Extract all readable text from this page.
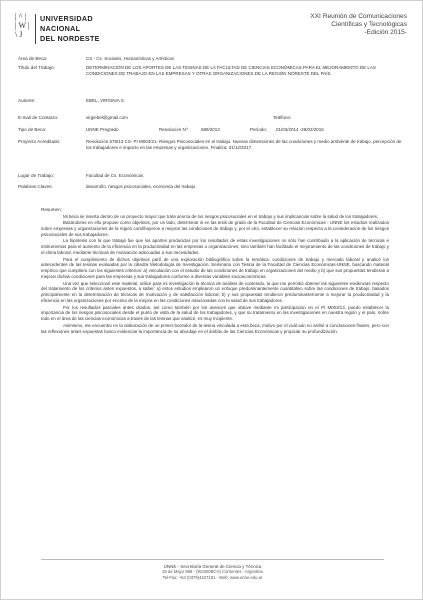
| ^ |
| W |
\ J
UNIVERSIDAD
NACIONAL
DEL NORDESTE
XXI Reunión de Comunicaciones
Científicas y Tecnológicas
-Edición 2015-
Área de Beca:	CS - Cs. Sociales, Humanísticas y Artísticas
Título del Trabajo:	DETERMINACIÓN DE LOS APORTES DE LAS TESINAS DE LA FACULTAD DE CIENCIAS ECONÓMICAS PARA EL MEJORAMIENTO DE LAS CONDICIONES DE TRABAJO EN LAS EMPRESAS Y OTRAS ORGANIZACIONES DE LA REGIÓN NORESTE DEL PAÍS.
Autores:	EBEL, VIRGINIA S.
E-mail de Contacto:	virgiebel@gmail.com	Teléfono:
Tipo de Beca:	UNNE Pregrado	Resolución Nº:	589/2013	Período: 01/03/2014 -28/02/2015
Proyecto Acreditado:	Resolución 678/13 CS- PI M003/21- Riesgos Psicosociales en el trabajo. Nuevas dimensiones de las condiciones y medio ambiente de trabajo, percepción de los trabajadores e impacto en las empresas y organizaciones. Finaliza: 31/12/2017.
Lugar de Trabajo:	Facultad de Cs. Económicas
Palabras Claves:	desarrollo, riesgos psicosociales, economía del trabajo
Resumen:

Mi beca se inserta dentro de un proyecto mayor que trata acerca de los riesgos psicosociales en el trabajo y sus implicancias sobre la salud de los trabajadores.

Basándome en ello propuse como objetivos, por un lado, determinar si en las tesis de grado de la Facultad de Ciencias Económicas - UNNE los estudios realizados sobre empresas y organizaciones de la región contribuyeron a mejorar las condiciones de trabajo y, por el otro, establecer su relación respecto a la consideración de los riesgos psicosociales de sus trabajadores.

La hipótesis con la que trabajé fue que los aportes producidos por los resultados de estas investigaciones no sólo han contribuido a la aplicación de técnicas e instrumentos para el aumento de la eficiencia en la productividad en las empresas u organizaciones, sino también han facilitado el mejoramiento de las condiciones de trabajo y el clima laboral, mediante técnicas de motivación adecuadas a sus necesidades.

Para el cumplimiento de dichos objetivos partí de una exploración bibliográfica sobre la temática: condiciones de trabajo y mercado laboral y analicé los antecedentes de las tesinas evaluadas por la cátedra Metodología de Investigación. Seminario con Tesina de la Facultad de Ciencias Económicas-UNNE, buscando material empírico que cumpliera con los siguientes criterios: a) vinculación con el estudio de las condiciones de trabajo en organizaciones del medio y b) que sus propuestas tendieran a mejorar dichas condiciones para las empresas y sus trabajadores conforme a diversas variables socioeconómicas.

Una vez que seleccioné este material, utilicé para mi investigación la técnica de análisis de contenido, la que me permitió obtener las siguientes evidencias respecto del tratamiento de los criterios antes expuestos, a saber: a) estos estudios emplearon un enfoque predominantemente cuantitativo sobre las condiciones de trabajo, basados principalmente en la determinación de técnicas de motivación y de satisfacción laboral; b) y sus propuestas tendieron predominantemente a mejorar la productividad y la eficiencia en las organizaciones por encima de la mejora en las condiciones relacionadas con la salud de sus trabajadores.

Por los resultados parciales antes citados, así como también por los avances que obtuve mediante mi participación en el PI M003/13, puedo establecer la importancia de los riesgos psicosociales desde el punto de vista de la salud de los trabajadores, y que su tratamiento en las investigaciones en nuestra región y el país, sobre todo en el área de las ciencias económicas a través de las tesinas que analicé, es muy incipiente.

Asimismo, me encuentro en la elaboración de un primer borrador de la tesina vinculada a esta beca, motivo por el cuál aún no arribé a conclusiones finales, pero con las reflexiones antes expuestas busco evidenciar la importancia de su abordaje en el ámbito de las Ciencias Económicas y propiciar su profundización.

UNNE - Secretaría General de Ciencia y Técnica
25 de Mayo 868 - (W3400BCH) Corrientes - Argentina
Tel-Fax: +54 (0379)4427181 - Web: www.unne.edu.ar
